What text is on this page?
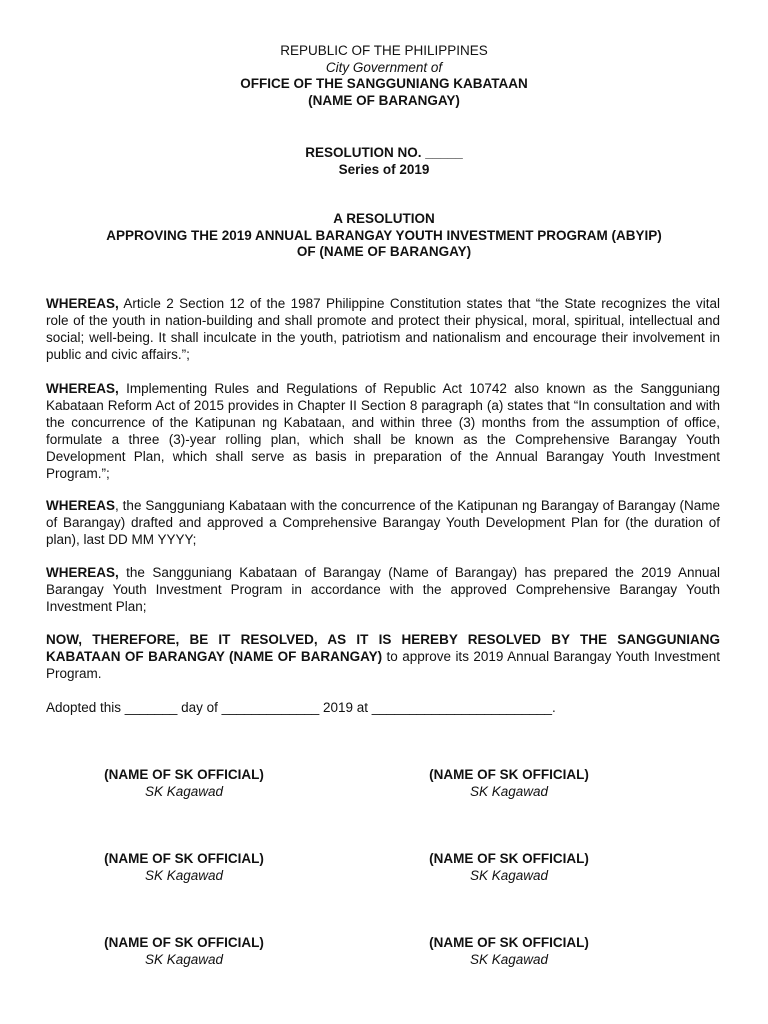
REPUBLIC OF THE PHILIPPINES
City Government of
OFFICE OF THE SANGGUNIANG KABATAAN
(NAME OF BARANGAY)
RESOLUTION NO. _____
Series of 2019
A RESOLUTION
APPROVING THE 2019 ANNUAL BARANGAY YOUTH INVESTMENT PROGRAM (ABYIP)
OF (NAME OF BARANGAY)
WHEREAS, Article 2 Section 12 of the 1987 Philippine Constitution states that “the State recognizes the vital role of the youth in nation-building and shall promote and protect their physical, moral, spiritual, intellectual and social; well-being. It shall inculcate in the youth, patriotism and nationalism and encourage their involvement in public and civic affairs.”;
WHEREAS, Implementing Rules and Regulations of Republic Act 10742 also known as the Sangguniang Kabataan Reform Act of 2015 provides in Chapter II Section 8 paragraph (a) states that “In consultation and with the concurrence of the Katipunan ng Kabataan, and within three (3) months from the assumption of office, formulate a three (3)-year rolling plan, which shall be known as the Comprehensive Barangay Youth Development Plan, which shall serve as basis in preparation of the Annual Barangay Youth Investment Program.”;
WHEREAS, the Sangguniang Kabataan with the concurrence of the Katipunan ng Barangay of Barangay (Name of Barangay) drafted and approved a Comprehensive Barangay Youth Development Plan for (the duration of plan), last DD MM YYYY;
WHEREAS, the Sangguniang Kabataan of Barangay (Name of Barangay) has prepared the 2019 Annual Barangay Youth Investment Program in accordance with the approved Comprehensive Barangay Youth Investment Plan;
NOW, THEREFORE, BE IT RESOLVED, AS IT IS HEREBY RESOLVED BY THE SANGGUNIANG KABATAAN OF BARANGAY (NAME OF BARANGAY) to approve its 2019 Annual Barangay Youth Investment Program.
Adopted this _______ day of _____________ 2019 at ________________________.
(NAME OF SK OFFICIAL)
SK Kagawad
(NAME OF SK OFFICIAL)
SK Kagawad
(NAME OF SK OFFICIAL)
SK Kagawad
(NAME OF SK OFFICIAL)
SK Kagawad
(NAME OF SK OFFICIAL)
SK Kagawad
(NAME OF SK OFFICIAL)
SK Kagawad
